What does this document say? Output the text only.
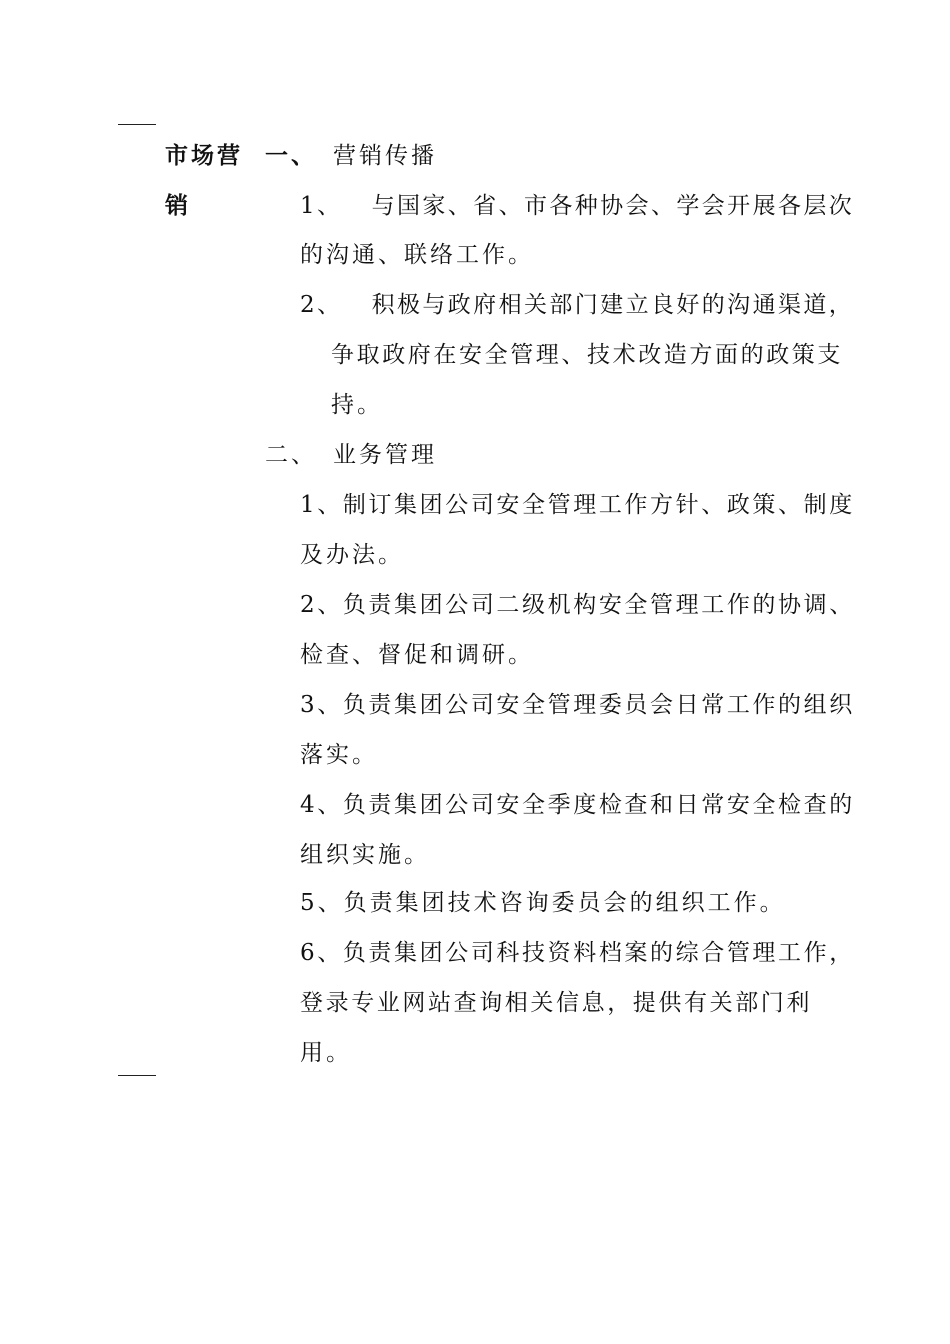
市场营
销
一、 营销传播
1、   与国家、省、市各种协会、学会开展各层次
的沟通、联络工作。
2、   积极与政府相关部门建立良好的沟通渠道，
争取政府在安全管理、技术改造方面的政策支
持。
二、 业务管理
1、制订集团公司安全管理工作方针、政策、制度
及办法。
2、负责集团公司二级机构安全管理工作的协调、
检查、督促和调研。
3、负责集团公司安全管理委员会日常工作的组织
落实。
4、负责集团公司安全季度检查和日常安全检查的
组织实施。
5、负责集团技术咨询委员会的组织工作。
6、负责集团公司科技资料档案的综合管理工作，
登录专业网站查询相关信息，提供有关部门利
用。
